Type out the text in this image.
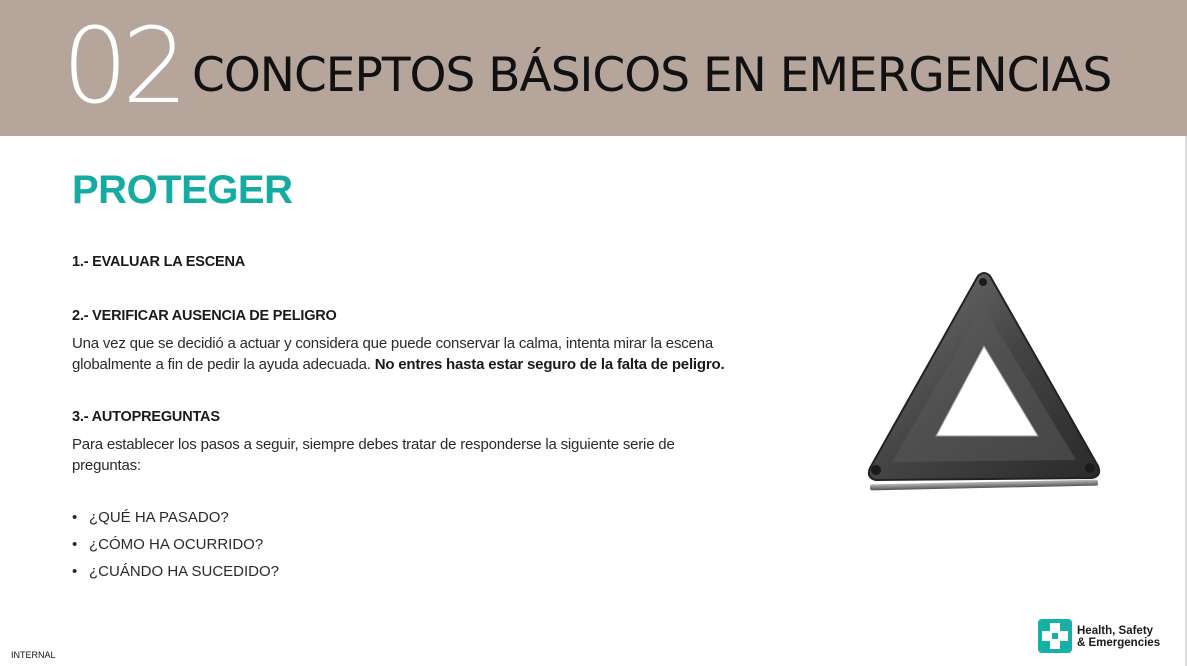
02 CONCEPTOS BÁSICOS EN EMERGENCIAS
PROTEGER
1.- EVALUAR LA ESCENA
2.- VERIFICAR AUSENCIA DE PELIGRO
Una vez que se decidió a actuar y considera que puede conservar la calma, intenta mirar la escena globalmente a fin de pedir la ayuda adecuada. No entres hasta estar seguro de la falta de peligro.
3.- AUTOPREGUNTAS
Para establecer los pasos a seguir, siempre debes tratar de responderse la siguiente serie de preguntas:
• ¿QUÉ HA PASADO?
• ¿CÓMO HA OCURRIDO?
• ¿CUÁNDO HA SUCEDIDO?
Health, Safety
& Emergencies
INTERNAL
